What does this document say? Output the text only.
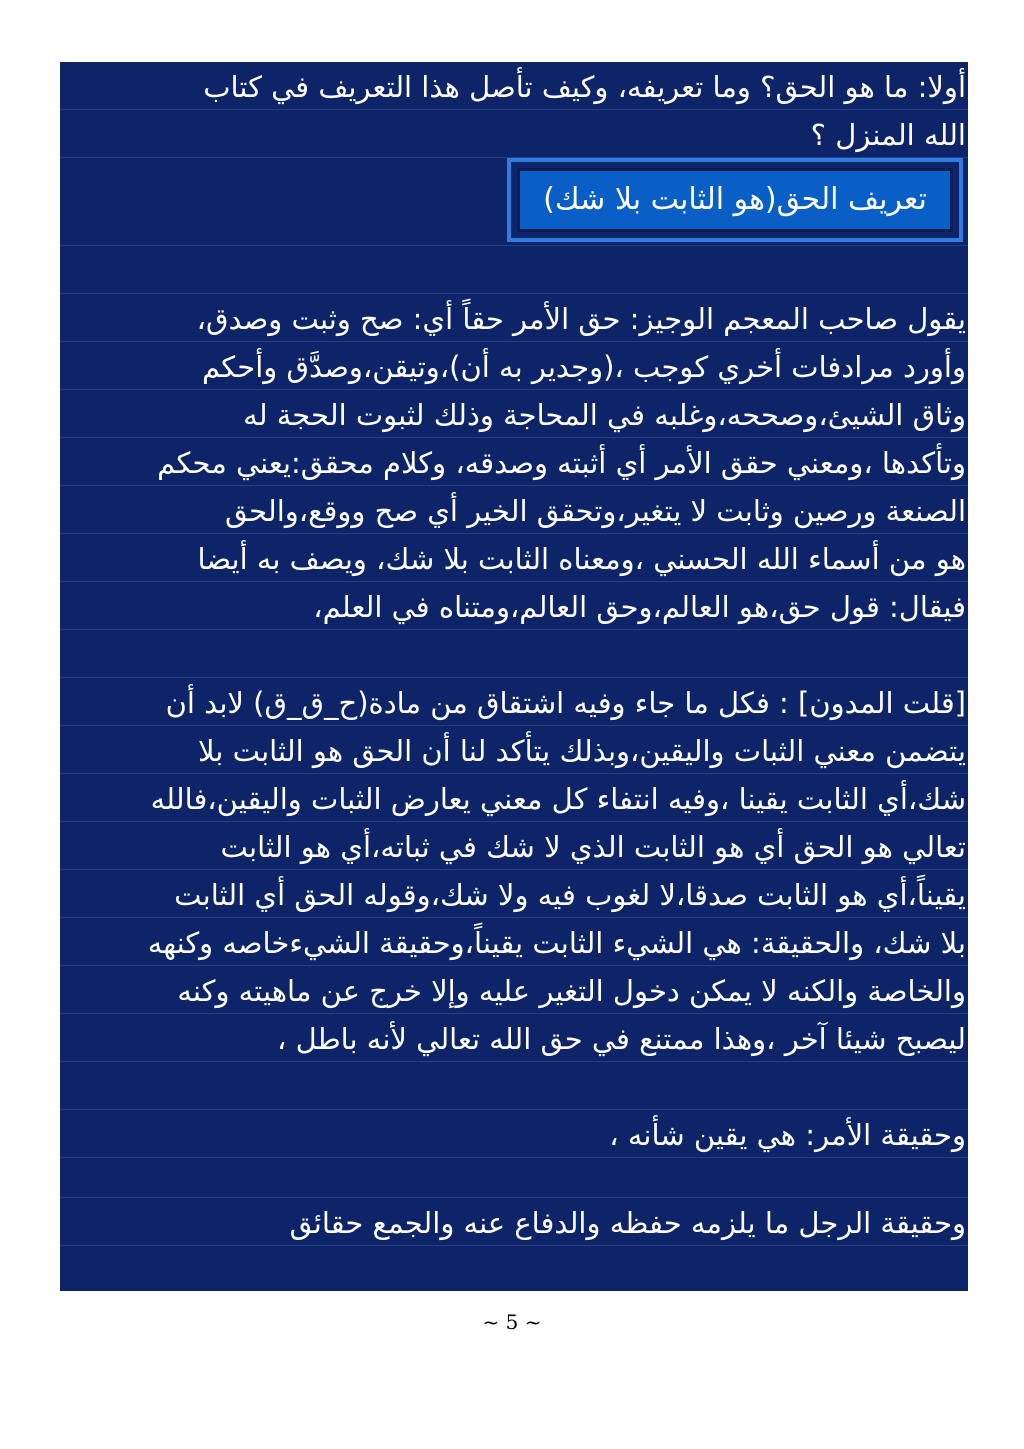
أولا: ما هو الحق؟ وما تعريفه، وكيف تأصل هذا التعريف في كتاب
الله المنزل ؟
تعريف الحق(هو الثابت بلا شك)
يقول صاحب المعجم الوجيز: حق الأمر حقاً أي: صح وثبت وصدق،
وأورد مرادفات أخري كوجب ،(وجدير به أن)،وتيقن،وصدَّق وأحكم
وثاق الشيئ،وصححه،وغلبه في المحاجة وذلك لثبوت الحجة له
وتأكدها ،ومعني حقق الأمر أي أثبته وصدقه، وكلام محقق:يعني محكم
الصنعة ورصين وثابت لا يتغير،وتحقق الخير أي صح ووقع،والحق
هو من أسماء الله الحسني ،ومعناه الثابت بلا شك، ويصف به أيضا
فيقال: قول حق،هو العالم،وحق العالم،ومتناه في العلم،
[قلت المدون] : فكل ما جاء وفيه اشتقاق من مادة(ح_ق_ق) لابد أن
يتضمن معني الثبات واليقين،وبذلك يتأكد لنا أن الحق هو الثابت بلا
شك،أي الثابت يقينا ،وفيه انتفاء كل معني يعارض الثبات واليقين،فالله
تعالي هو الحق أي هو الثابت الذي لا شك في ثباته،أي هو الثابت
يقيناً،أي هو الثابت صدقا،لا لغوب فيه ولا شك،وقوله الحق أي الثابت
بلا شك، والحقيقة: هي الشيء الثابت يقيناً،وحقيقة الشيءخاصه وكنهه
والخاصة والكنه لا يمكن دخول التغير عليه وإلا خرج عن ماهيته وكنه
ليصبح شيئا آخر ،وهذا ممتنع في حق الله تعالي لأنه باطل ،
وحقيقة الأمر: هي يقين شأنه ،
وحقيقة الرجل ما يلزمه حفظه والدفاع عنه والجمع حقائق
~ 5 ~
